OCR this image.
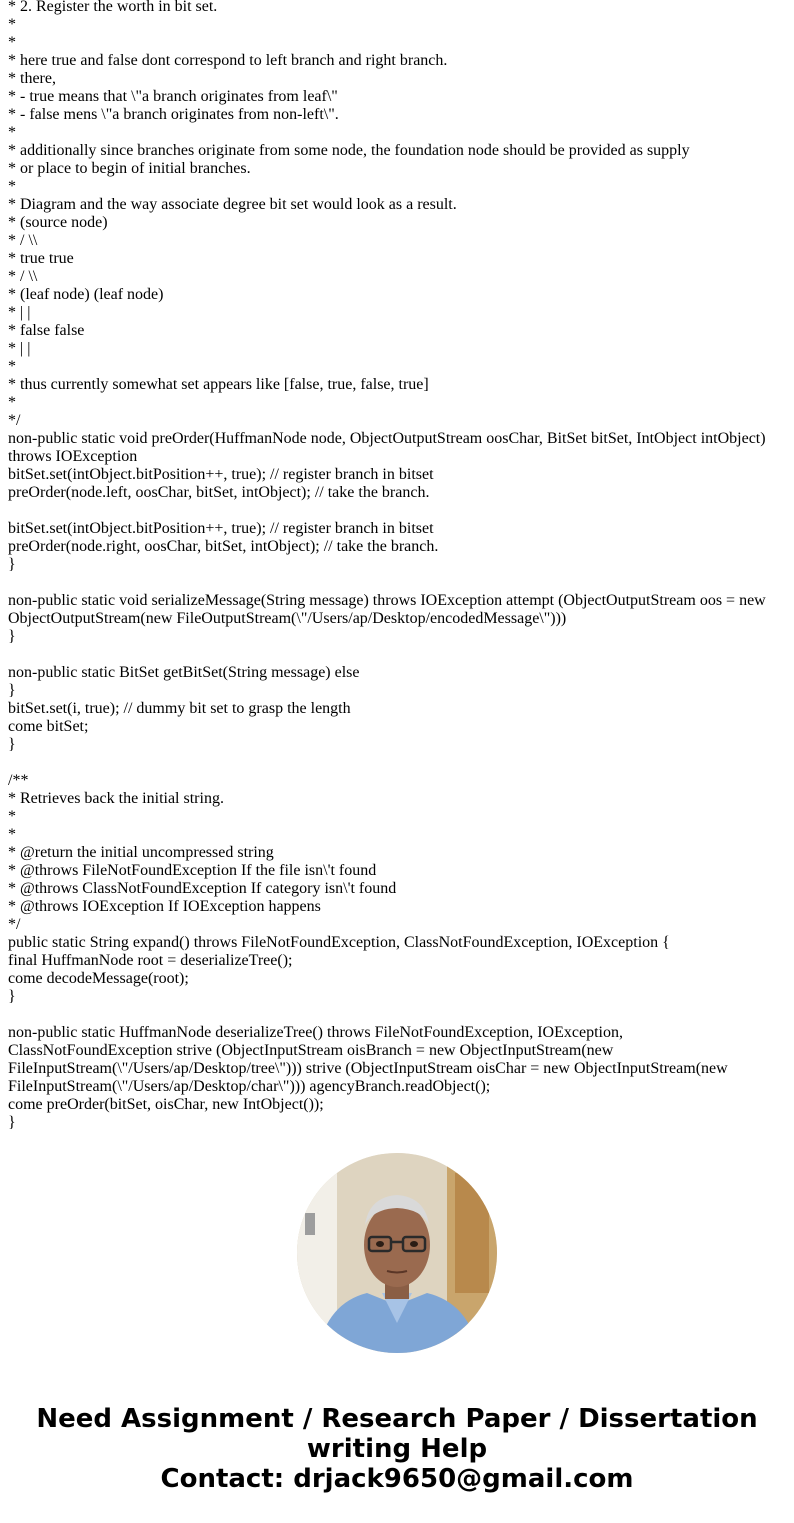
* 2. Register the worth in bit set.
*
*
* here true and false dont correspond to left branch and right branch.
* there,
* - true means that \"a branch originates from leaf\"
* - false mens \"a branch originates from non-left\".
*
* additionally since branches originate from some node, the foundation node should be provided as supply
* or place to begin of initial branches.
*
* Diagram and the way associate degree bit set would look as a result.
* (source node)
* / \\
* true true
* / \\
* (leaf node) (leaf node)
* | |
* false false
* | |
*
* thus currently somewhat set appears like [false, true, false, true]
*
*/
non-public static void preOrder(HuffmanNode node, ObjectOutputStream oosChar, BitSet bitSet, IntObject intObject) throws IOException
bitSet.set(intObject.bitPosition++, true); // register branch in bitset
preOrder(node.left, oosChar, bitSet, intObject); // take the branch.
bitSet.set(intObject.bitPosition++, true); // register branch in bitset
preOrder(node.right, oosChar, bitSet, intObject); // take the branch.
}
non-public static void serializeMessage(String message) throws IOException attempt (ObjectOutputStream oos = new ObjectOutputStream(new FileOutputStream(\"/Users/ap/Desktop/encodedMessage\")))
}
non-public static BitSet getBitSet(String message) else
}
bitSet.set(i, true); // dummy bit set to grasp the length
come bitSet;
}
/**
* Retrieves back the initial string.
*
*
* @return the initial uncompressed string
* @throws FileNotFoundException If the file isn\'t found
* @throws ClassNotFoundException If category isn\'t found
* @throws IOException If IOException happens
*/
public static String expand() throws FileNotFoundException, ClassNotFoundException, IOException {
final HuffmanNode root = deserializeTree();
come decodeMessage(root);
}
non-public static HuffmanNode deserializeTree() throws FileNotFoundException, IOException, ClassNotFoundException strive (ObjectInputStream oisBranch = new ObjectInputStream(new FileInputStream(\"/Users/ap/Desktop/tree\"))) strive (ObjectInputStream oisChar = new ObjectInputStream(new FileInputStream(\"/Users/ap/Desktop/char\"))) agencyBranch.readObject();
come preOrder(bitSet, oisChar, new IntObject());
}
Need Assignment / Research Paper / Dissertation writing Help
Contact: drjack9650@gmail.com
